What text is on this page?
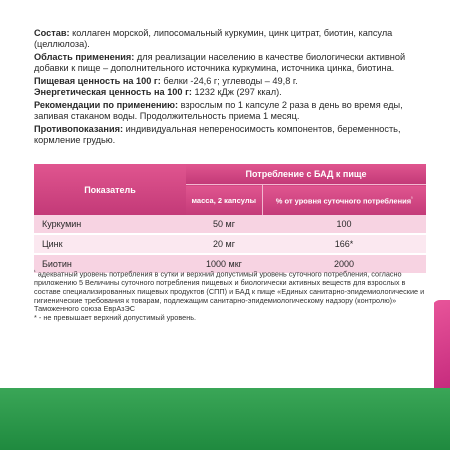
Состав: коллаген морской, липосомальный куркумин, цинк цитрат, биотин, капсула (целлюлоза).

Область применения: для реализации населению в качестве биологически активной добавки к пище – дополнительного источника куркумина, источника цинка, биотина.

Пищевая ценность на 100 г: белки -24,6 г; углеводы – 49,8 г.
Энергетическая ценность на 100 г: 1232 кДж (297 ккал).

Рекомендации по применению: взрослым по 1 капсуле 2 раза в день во время еды, запивая стаканом воды. Продолжительность приема 1 месяц.

Противопоказания: индивидуальная непереносимость компонентов, беременность, кормление грудью.

Показатель	Потребление с БАД к пище	
	масса, 2 капсулы	% от уровня суточного потребления$^{^1}$
Куркумин	50 мг	100
Цинк	20 мг	166*
Биотин	1000 мкг	2000

$^{^1}$ адекватный уровень потребления в сутки и верхний допустимый уровень суточного потребления, согласно приложению 5 Величины суточного потребления пищевых и биологически активных веществ для взрослых в составе специализированных пищевых продуктов (СПП) и БАД к пище «Единых санитарно-эпидемиологические и гигиенические требования к товарам, подлежащим санитарно-эпидемиологическому надзору (контролю)» Таможенного союза ЕврАзЭС

* - не превышает верхний допустимый уровень.
